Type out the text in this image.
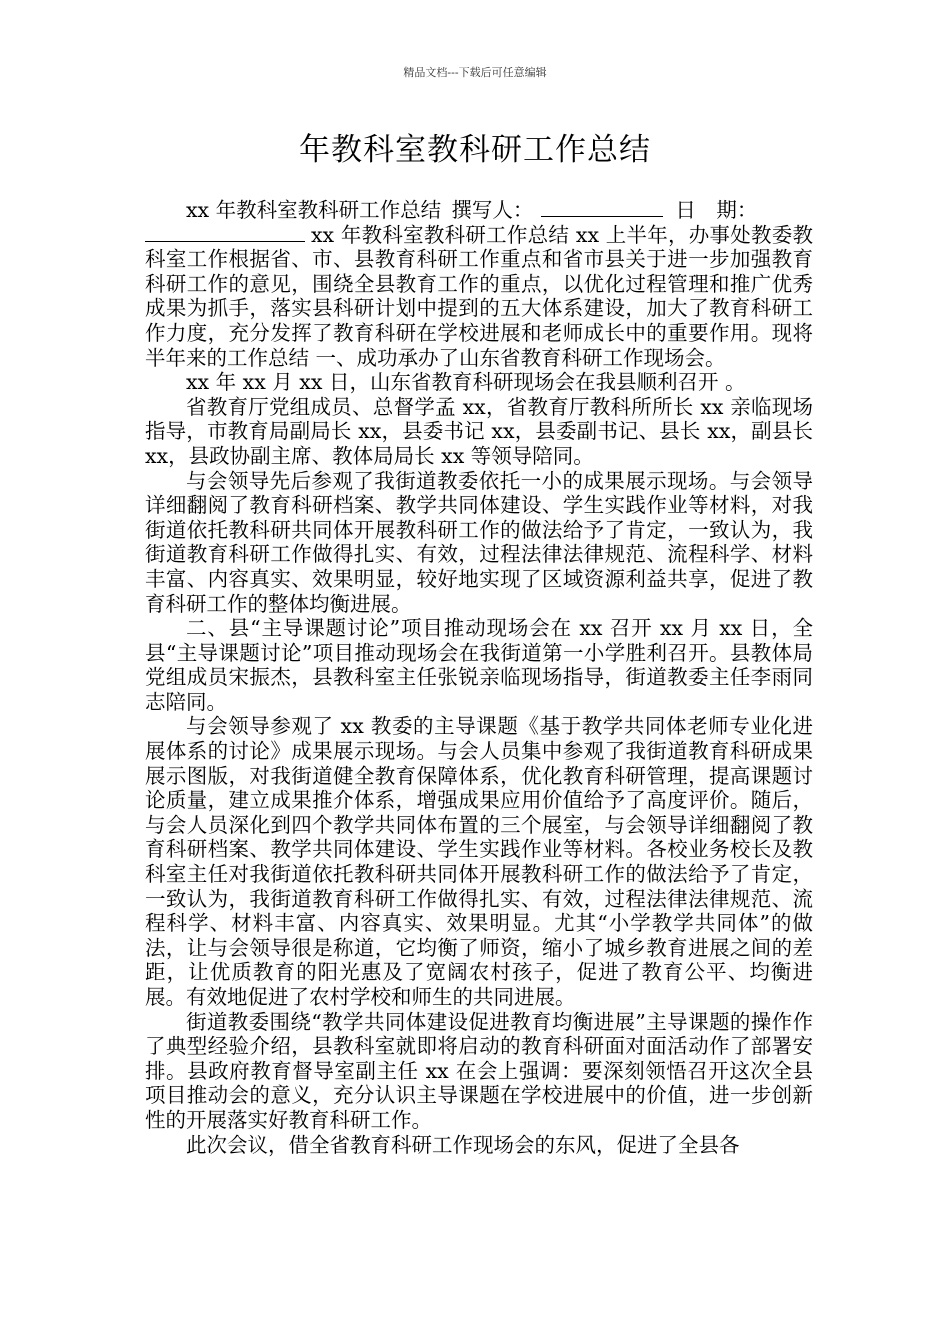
精品文档---下载后可任意编辑
年教科室教科研工作总结

xx 年教科室教科研工作总结  撰写人：	日　期：

xx 年教科室教科研工作总结 xx 上半年，办事处教委教科室工作根据省、市、县教育科研工作重点和省市县关于进一步加强教育科研工作的意见，围绕全县教育工作的重点，以优化过程管理和推广优秀成果为抓手，落实县科研计划中提到的五大体系建设，加大了教育科研工作力度，充分发挥了教育科研在学校进展和老师成长中的重要作用。现将半年来的工作总结 一、成功承办了山东省教育科研工作现场会。

xx 年 xx 月 xx 日，山东省教育科研现场会在我县顺利召开 。

省教育厅党组成员、总督学孟 xx，省教育厅教科所所长 xx 亲临现场指导，市教育局副局长 xx，县委书记 xx，县委副书记、县长 xx，副县长 xx，县政协副主席、教体局局长 xx 等领导陪同。

与会领导先后参观了我街道教委依托一小的成果展示现场。与会领导详细翻阅了教育科研档案、教学共同体建设、学生实践作业等材料，对我街道依托教科研共同体开展教科研工作的做法给予了肯定，一致认为，我街道教育科研工作做得扎实、有效，过程法律法律规范、流程科学、材料丰富、内容真实、效果明显，较好地实现了区域资源利益共享，促进了教育科研工作的整体均衡进展。

二、县“主导课题讨论”项目推动现场会在 xx 召开 xx 月 xx 日，全县“主导课题讨论”项目推动现场会在我街道第一小学胜利召开。县教体局党组成员宋振杰，县教科室主任张锐亲临现场指导，街道教委主任李雨同志陪同。

与会领导参观了 xx 教委的主导课题《基于教学共同体老师专业化进展体系的讨论》成果展示现场。与会人员集中参观了我街道教育科研成果展示图版，对我街道健全教育保障体系，优化教育科研管理，提高课题讨论质量，建立成果推介体系，增强成果应用价值给予了高度评价。随后，与会人员深化到四个教学共同体布置的三个展室，与会领导详细翻阅了教育科研档案、教学共同体建设、学生实践作业等材料。各校业务校长及教科室主任对我街道依托教科研共同体开展教科研工作的做法给予了肯定，一致认为，我街道教育科研工作做得扎实、有效，过程法律法律规范、流程科学、材料丰富、内容真实、效果明显。尤其“小学教学共同体”的做法，让与会领导很是称道，它均衡了师资，缩小了城乡教育进展之间的差距，让优质教育的阳光惠及了宽阔农村孩子，促进了教育公平、均衡进展。有效地促进了农村学校和师生的共同进展。

街道教委围绕“教学共同体建设促进教育均衡进展”主导课题的操作作了典型经验介绍，县教科室就即将启动的教育科研面对面活动作了部署安排。县政府教育督导室副主任 xx 在会上强调：要深刻领悟召开这次全县项目推动会的意义，充分认识主导课题在学校进展中的价值，进一步创新性的开展落实好教育科研工作。

此次会议，借全省教育科研工作现场会的东风，促进了全县各
